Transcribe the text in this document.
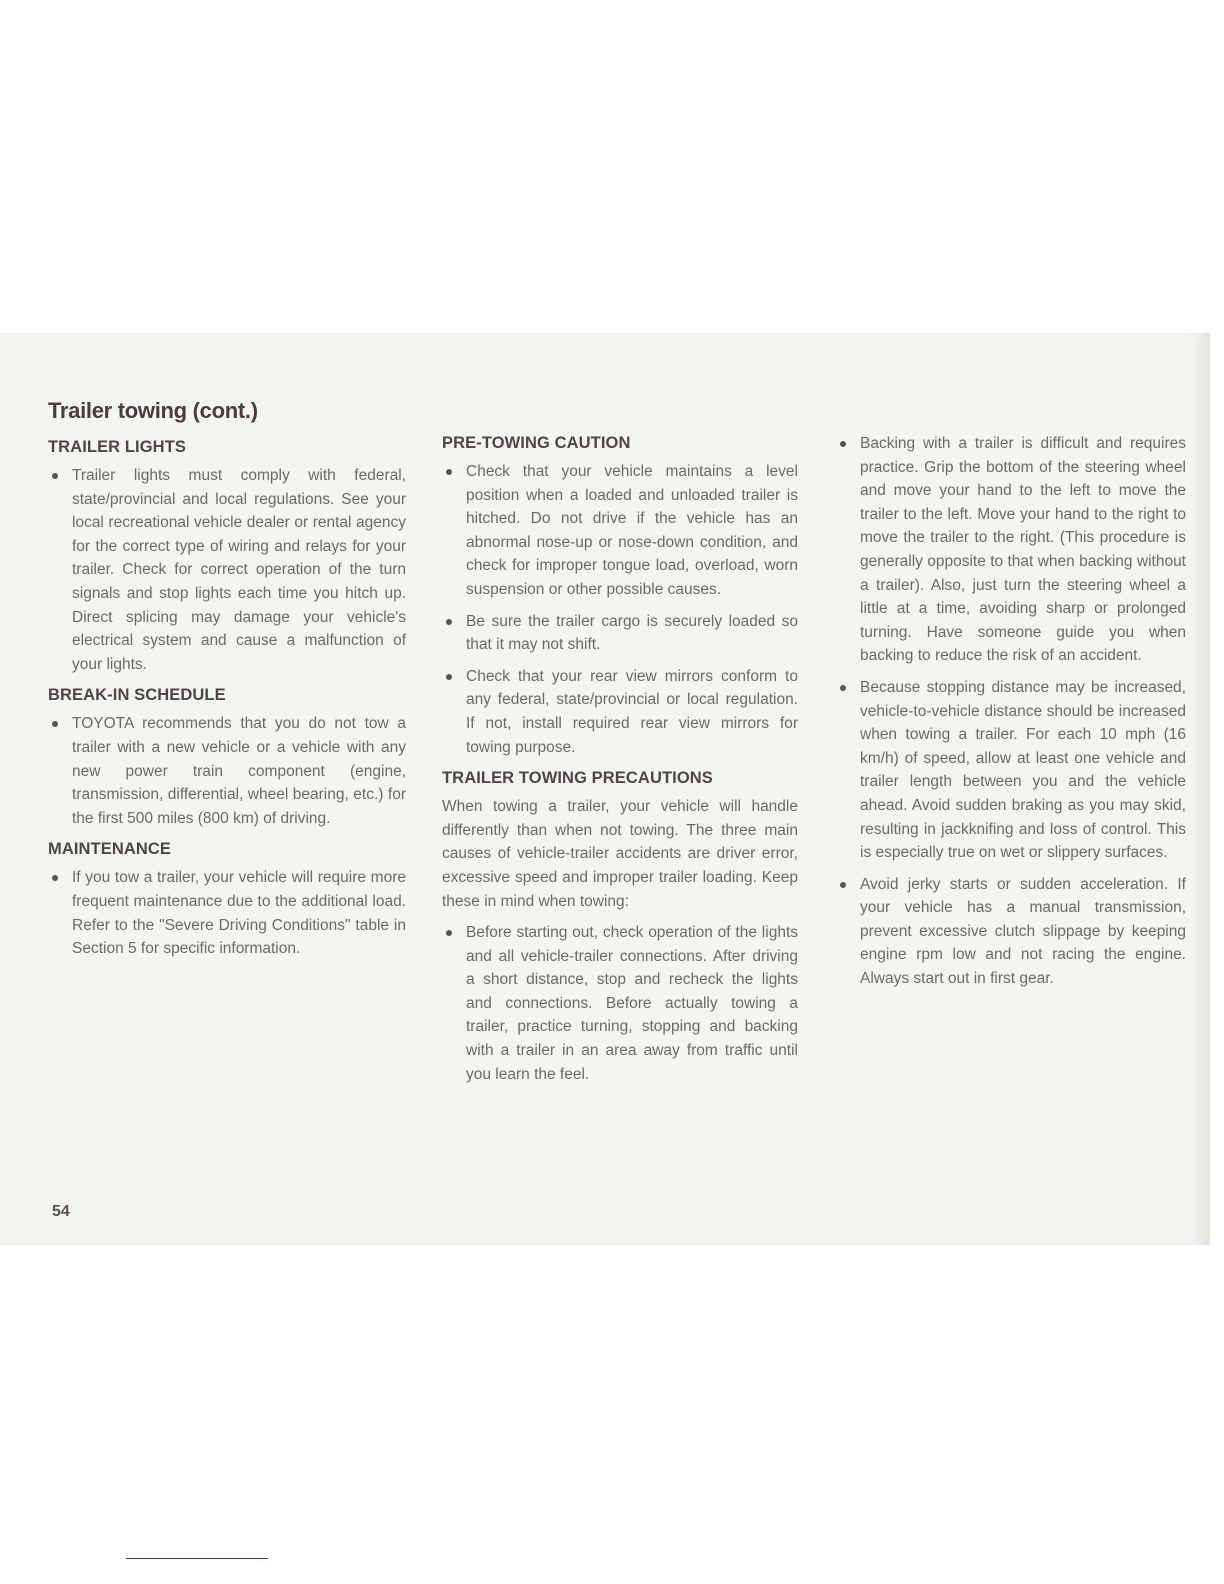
Trailer towing (cont.)
TRAILER LIGHTS
Trailer lights must comply with federal, state/provincial and local regulations. See your local recreational vehicle dealer or rental agency for the correct type of wiring and relays for your trailer. Check for correct operation of the turn signals and stop lights each time you hitch up. Direct splicing may damage your vehicle's electrical system and cause a malfunction of your lights.
BREAK-IN SCHEDULE
TOYOTA recommends that you do not tow a trailer with a new vehicle or a vehicle with any new power train component (engine, transmission, differential, wheel bearing, etc.) for the first 500 miles (800 km) of driving.
MAINTENANCE
If you tow a trailer, your vehicle will require more frequent maintenance due to the additional load. Refer to the "Severe Driving Conditions" table in Section 5 for specific information.
PRE-TOWING CAUTION
Check that your vehicle maintains a level position when a loaded and unloaded trailer is hitched. Do not drive if the vehicle has an abnormal nose-up or nose-down condition, and check for improper tongue load, overload, worn suspension or other possible causes.
Be sure the trailer cargo is securely loaded so that it may not shift.
Check that your rear view mirrors conform to any federal, state/provincial or local regulation. If not, install required rear view mirrors for towing purpose.
TRAILER TOWING PRECAUTIONS

When towing a trailer, your vehicle will handle differently than when not towing. The three main causes of vehicle-trailer accidents are driver error, excessive speed and improper trailer loading. Keep these in mind when towing:

Before starting out, check operation of the lights and all vehicle-trailer connections. After driving a short distance, stop and recheck the lights and connections. Before actually towing a trailer, practice turning, stopping and backing with a trailer in an area away from traffic until you learn the feel.
Backing with a trailer is difficult and requires practice. Grip the bottom of the steering wheel and move your hand to the left to move the trailer to the left. Move your hand to the right to move the trailer to the right. (This procedure is generally opposite to that when backing without a trailer). Also, just turn the steering wheel a little at a time, avoiding sharp or prolonged turning. Have someone guide you when backing to reduce the risk of an accident.
Because stopping distance may be increased, vehicle-to-vehicle distance should be increased when towing a trailer. For each 10 mph (16 km/h) of speed, allow at least one vehicle and trailer length between you and the vehicle ahead. Avoid sudden braking as you may skid, resulting in jackknifing and loss of control. This is especially true on wet or slippery surfaces.
Avoid jerky starts or sudden acceleration. If your vehicle has a manual transmission, prevent excessive clutch slippage by keeping engine rpm low and not racing the engine. Always start out in first gear.
54
